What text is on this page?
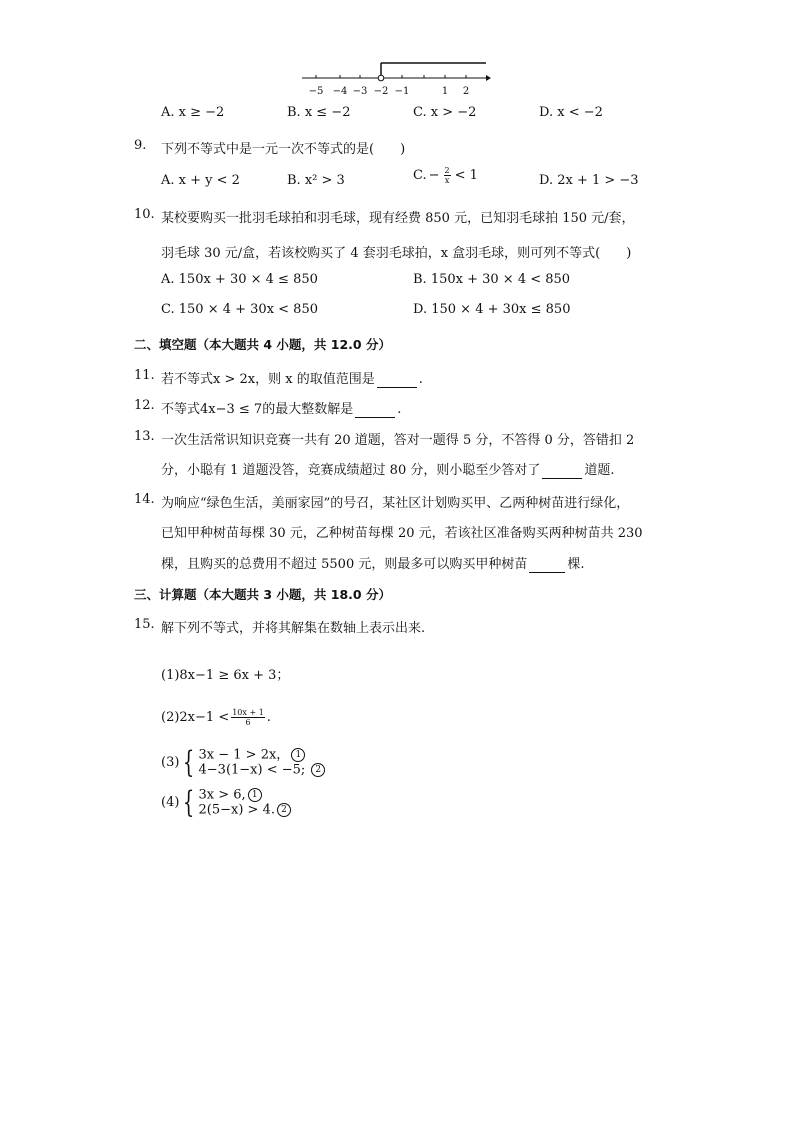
−5 −4 −3 −2 −1	1 2
A. x ≥ −2	B. x ≤ −2	C. x > −2	D. x < −2
9. 下列不等式中是一元一次不等式的是(　　)
A. x + y < 2	B. x² > 3	C. − $\frac{2}{x} < 1$	D. 2x + 1 > −3
10. 某校要购买一批羽毛球拍和羽毛球，现有经费 850 元，已知羽毛球拍 150 元/套，
羽毛球 30 元/盒，若该校购买了 4 套羽毛球拍，x 盒羽毛球，则可列不等式(　　)
A. 150x + 30 × 4 ≤ 850	B. 150x + 30 × 4 < 850
C. 150 × 4 + 30x < 850	D. 150 × 4 + 30x ≤ 850
二、填空题（本大题共 4 小题，共 12.0 分）
11. 若不等式x > 2x，则 x 的取值范围是	.
12. 不等式4x−3 ≤ 7的最大整数解是	.
13. 一次生活常识知识竞赛一共有 20 道题，答对一题得 5 分，不答得 0 分，答错扣 2
分，小聪有 1 道题没答，竞赛成绩超过 80 分，则小聪至少答对了	道题.
14. 为响应“绿色生活，美丽家园”的号召，某社区计划购买甲、乙两种树苗进行绿化，
已知甲种树苗每棵 30 元，乙种树苗每棵 20 元，若该社区准备购买两种树苗共 230
棵，且购买的总费用不超过 5500 元，则最多可以购买甲种树苗	棵.
三、计算题（本大题共 3 小题，共 18.0 分）
15. 解下列不等式，并将其解集在数轴上表示出来.
(1)8x−1 ≥ 6x + 3；
$(2)2x-1 < \frac{10x + 1}{6}$ .
(3) { 3x − 1 > 2x， 1
4−3(1−x) < −5; 2
(4) { 3x > 6, 1
2(5−x) > 4. 2
